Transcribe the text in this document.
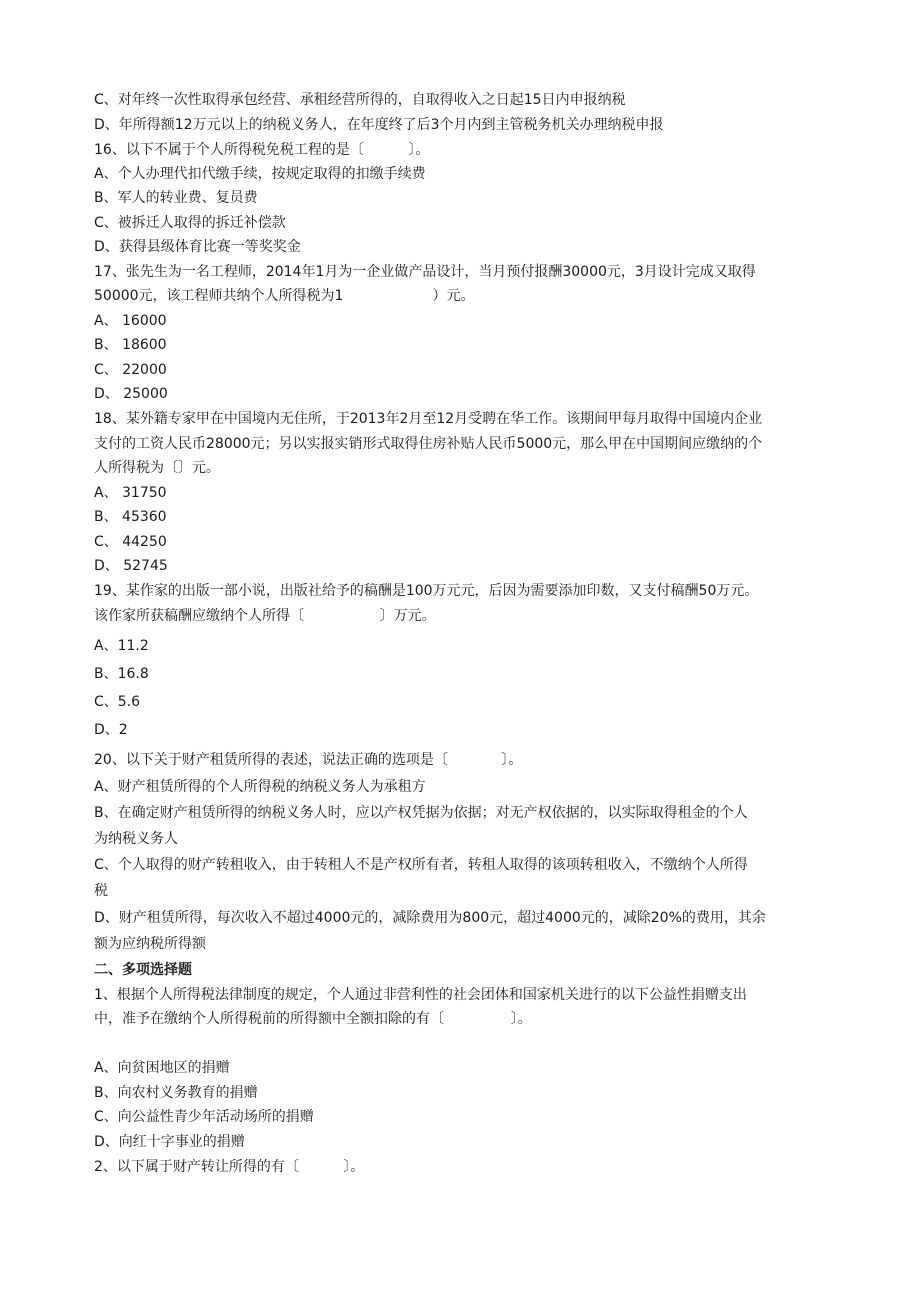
C、对年终一次性取得承包经营、承租经营所得的，自取得收入之日起15日内申报纳税
D、年所得额12万元以上的纳税义务人，在年度终了后3个月内到主管税务机关办理纳税申报
16、以下不属于个人所得税免税工程的是〔          〕。
A、个人办理代扣代缴手续，按规定取得的扣缴手续费
B、军人的转业费、复员费
C、被拆迁人取得的拆迁补偿款
D、获得县级体育比赛一等奖奖金
17、张先生为一名工程师，2014年1月为一企业做产品设计，当月预付报酬30000元，3月设计完成又取得
50000元，该工程师共纳个人所得税为1                    ）元。
A、 16000
B、 18600
C、 22000
D、 25000
18、某外籍专家甲在中国境内无住所，于2013年2月至12月受聘在华工作。该期间甲每月取得中国境内企业
支付的工资人民币28000元；另以实报实销形式取得住房补贴人民币5000元，那么甲在中国期间应缴纳的个
人所得税为〔〕元。
A、 31750
B、 45360
C、 44250
D、 52745
19、某作家的出版一部小说，出版社给予的稿酬是100万元元，后因为需要添加印数，又支付稿酬50万元。
该作家所获稿酬应缴纳个人所得〔                 〕万元。
A、11.2
B、16.8
C、5.6
D、2
20、以下关于财产租赁所得的表述，说法正确的选项是〔            〕。
A、财产租赁所得的个人所得税的纳税义务人为承租方
B、在确定财产租赁所得的纳税义务人时，应以产权凭据为依据；对无产权依据的，以实际取得租金的个人
为纳税义务人
C、个人取得的财产转租收入，由于转租人不是产权所有者，转租人取得的该项转租收入，不缴纳个人所得
税
D、财产租赁所得，每次收入不超过4000元的，减除费用为800元，超过4000元的，减除20%的费用，其余
额为应纳税所得额
二、多项选择题
1、根据个人所得税法律制度的规定，个人通过非营利性的社会团体和国家机关进行的以下公益性捐赠支出
中，准予在缴纳个人所得税前的所得额中全额扣除的有〔               〕。
A、向贫困地区的捐赠
B、向农村义务教育的捐赠
C、向公益性青少年活动场所的捐赠
D、向红十字事业的捐赠
2、以下属于财产转让所得的有〔          〕。
